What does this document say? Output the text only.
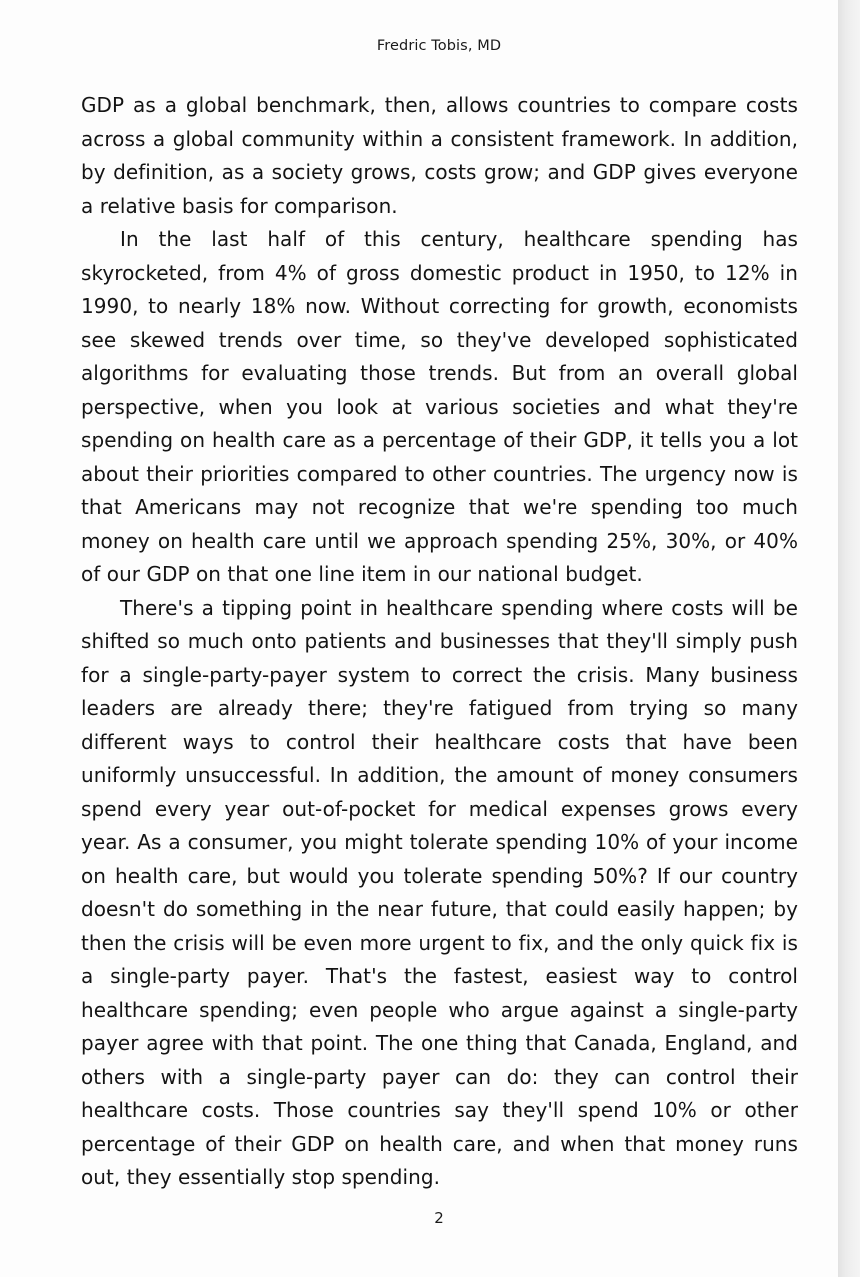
Fredric Tobis, MD

GDP as a global benchmark, then, allows countries to compare costs across a global community within a consistent framework. In addition, by definition, as a society grows, costs grow; and GDP gives everyone a relative basis for comparison.

In the last half of this century, healthcare spending has skyrocketed, from 4% of gross domestic product in 1950, to 12% in 1990, to nearly 18% now. Without correcting for growth, economists see skewed trends over time, so they've developed sophisticated algorithms for evaluating those trends. But from an overall global perspective, when you look at various societies and what they're spending on health care as a percentage of their GDP, it tells you a lot about their priorities compared to other countries. The urgency now is that Americans may not recognize that we're spending too much money on health care until we approach spending 25%, 30%, or 40% of our GDP on that one line item in our national budget.

There's a tipping point in healthcare spending where costs will be shifted so much onto patients and businesses that they'll simply push for a single-party-payer system to correct the crisis. Many business leaders are already there; they're fatigued from trying so many different ways to control their healthcare costs that have been uniformly unsuccessful. In addition, the amount of money consumers spend every year out-of-pocket for medical expenses grows every year. As a consumer, you might tolerate spending 10% of your income on health care, but would you tolerate spending 50%? If our country doesn't do something in the near future, that could easily happen; by then the crisis will be even more urgent to fix, and the only quick fix is a single-party payer. That's the fastest, easiest way to control healthcare spending; even people who argue against a single-party payer agree with that point. The one thing that Canada, England, and others with a single-party payer can do: they can control their healthcare costs. Those countries say they'll spend 10% or other percentage of their GDP on health care, and when that money runs out, they essentially stop spending.

2
